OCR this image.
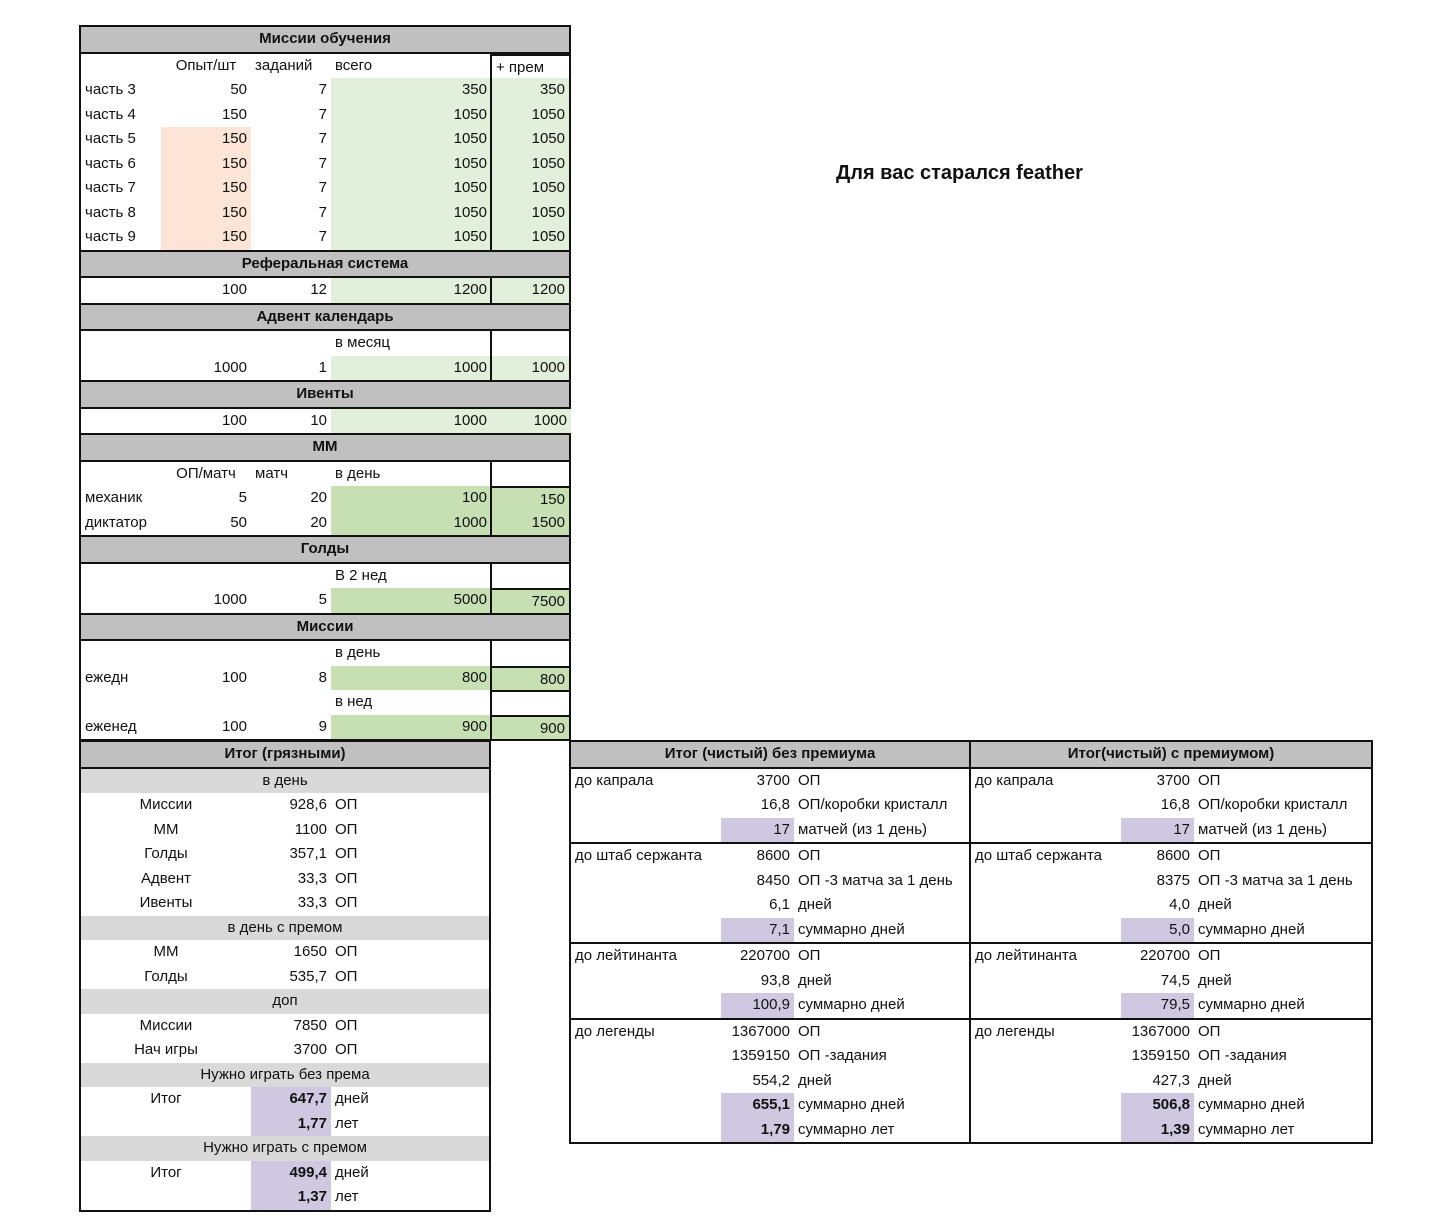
Для вас старался feather
Миссии обучения
Опыт/шт	заданий	всего	+ прем
часть 3	50	7	350	350
часть 4	150	7	1050	1050
часть 5	150	7	1050	1050
часть 6	150	7	1050	1050
часть 7	150	7	1050	1050
часть 8	150	7	1050	1050
часть 9	150	7	1050	1050
Реферальная система
100	12	1200	1200
Адвент календарь
в месяц
1000	1	1000	1000
Ивенты
100	10	1000	1000
ММ
ОП/матч	матч	в день
механик	5	20	100	150
диктатор	50	20	1000	1500
Голды
В 2 нед
1000	5	5000	7500
Миссии
в день
ежедн	100	8	800	800
в нед
еженед	100	9	900	900
Итог (грязными)
в день
Миссии	928,6 ОП
ММ	1100 ОП
Голды	357,1 ОП
Адвент	33,3 ОП
Ивенты	33,3 ОП
в день с премом
ММ	1650 ОП
Голды	535,7 ОП
доп
Миссии	7850 ОП
Нач игры	3700 ОП
Нужно играть без према
Итог	647,7 дней
1,77 лет
Нужно играть с премом
Итог	499,4 дней
1,37 лет
Итог (чистый) без премиума
до капрала	3700 ОП
16,8 ОП/коробки кристалл
17 матчей (из 1 день)
до штаб сержанта	8600 ОП
8450 ОП -3 матча за 1 день
6,1 дней
7,1 суммарно дней
до лейтинанта	220700 ОП
93,8 дней
100,9 суммарно дней
до легенды	1367000 ОП
1359150 ОП -задания
554,2 дней
655,1 суммарно дней
1,79 суммарно лет
Итог(чистый) с премиумом)
до капрала	3700 ОП
16,8 ОП/коробки кристалл
17 матчей (из 1 день)
до штаб сержанта	8600 ОП
8375 ОП -3 матча за 1 день
4,0 дней
5,0 суммарно дней
до лейтинанта	220700 ОП
74,5 дней
79,5 суммарно дней
до легенды	1367000 ОП
1359150 ОП -задания
427,3 дней
506,8 суммарно дней
1,39 суммарно лет
